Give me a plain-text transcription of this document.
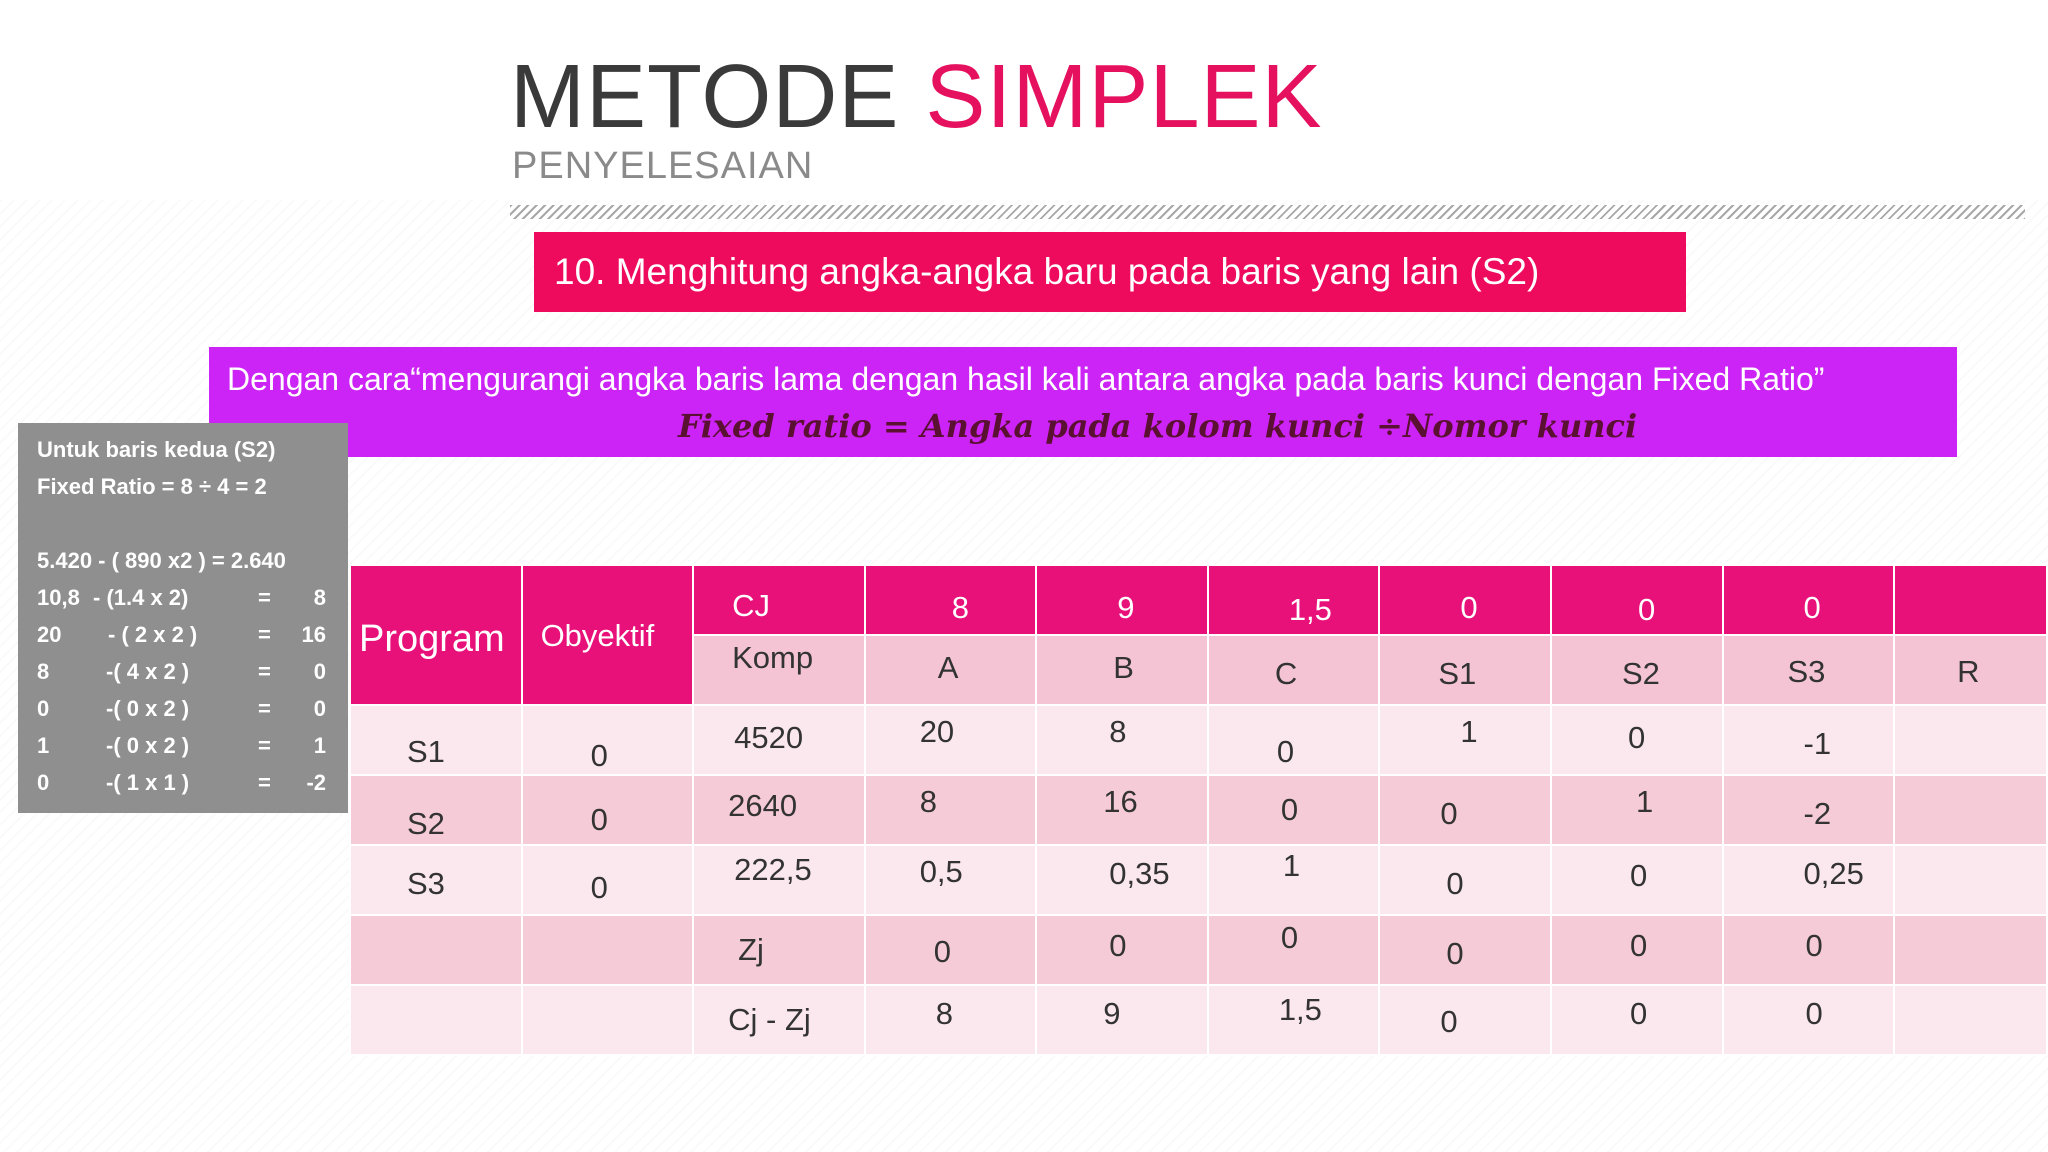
METODE SIMPLEK
PENYELESAIAN
10. Menghitung angka-angka baru pada baris yang lain (S2)
Dengan cara“mengurangi angka baris lama dengan hasil kali antara angka pada baris kunci dengan Fixed Ratio”
Fixed ratio = Angka pada kolom kunci ÷Nomor kunci
Untuk baris kedua (S2)
Fixed Ratio = 8 ÷ 4 = 2
5.420 - ( 890 x2 ) = 2.640
10,8 - (1.4 x 2)	= 8
20 - ( 2 x 2 )	= 16
8	-( 4 x 2 )	= 0
0	-( 0 x 2 )	= 0
1	-( 0 x 2 )	= 1
0	-( 1 x 1 )	= -2
Program	Obyektif	CJ	8	9	1,5	0	0	0	

		Komp	A	B	C	S1	S2	S3	R

S1	0	4520	20	8	0	1	0	-1	

S2	0	2640	8	16	0	0	1	-2	

S3	0	222,5	0,5	0,35	1	0	0	0,25	

		Zj	0	0	0	0	0	0	

		Cj - Zj	8	9	1,5	0	0	0	
